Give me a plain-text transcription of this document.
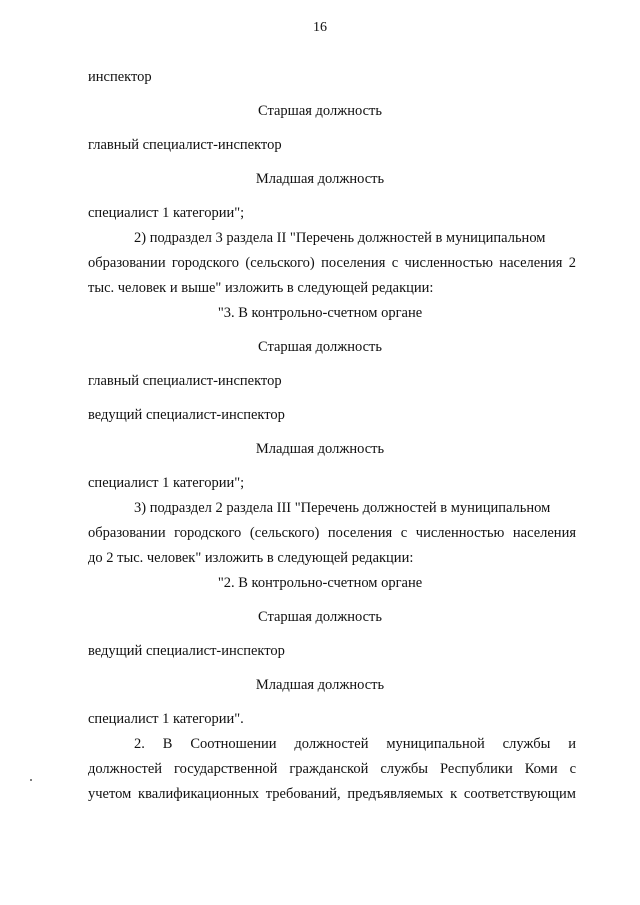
16
инспектор
Старшая должность
главный специалист-инспектор
Младшая должность
специалист 1 категории";
2) подраздел 3 раздела II "Перечень должностей в муниципальном
образовании городского (сельского) поселения с численностью населения 2
тыс. человек и выше" изложить в следующей редакции:
"3. В контрольно-счетном органе
Старшая должность
главный специалист-инспектор
ведущий специалист-инспектор
Младшая должность
специалист 1 категории";
3) подраздел 2 раздела III "Перечень должностей в муниципальном
образовании городского (сельского) поселения с численностью населения
до 2 тыс. человек" изложить в следующей редакции:
"2. В контрольно-счетном органе
Старшая должность
ведущий специалист-инспектор
Младшая должность
специалист 1 категории".
2. В Соотношении должностей муниципальной службы и
должностей государственной гражданской службы Республики Коми с
учетом квалификационных требований, предъявляемых к соответствующим
